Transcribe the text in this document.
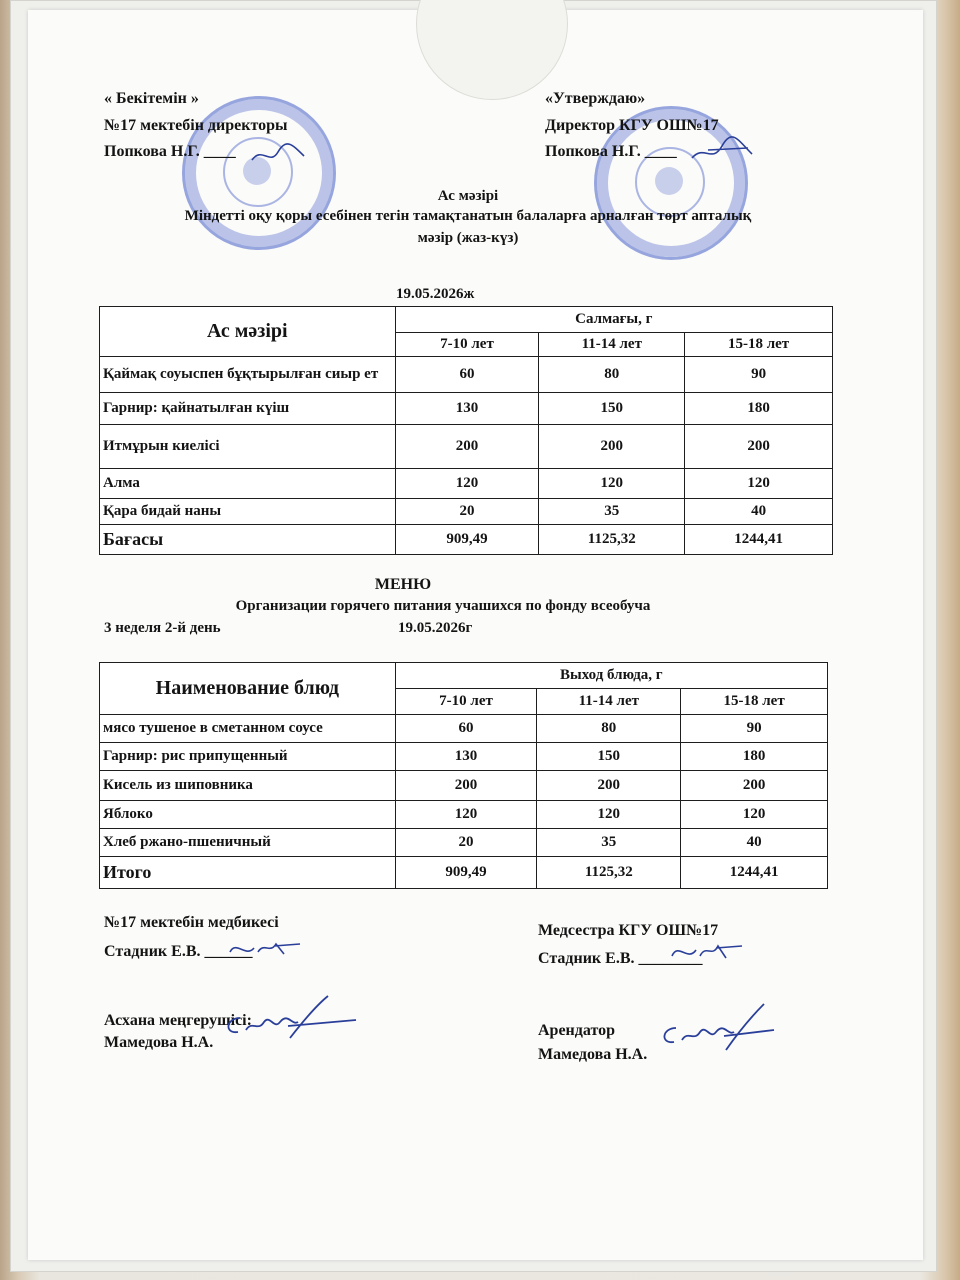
« Бекітемін »
№17 мектебiн директоры
Попкова Н.Г. ____
«Утверждаю»
Директор КГУ ОШ№17
Попкова Н.Г. ____
Ас мәзірі
Міндетті оқу қоры есебінен тегін тамақтанатын балаларға арналған төрт апталық
мәзір (жаз-күз)
19.05.2026ж
Ас мәзірі	Салмағы, г		
	7-10 лет	11-14 лет	15-18 лет
Қаймақ соуыспен бұқтырылған сиыр ет	60	80	90
Гарнир: қайнатылған күіш	130	150	180
Итмұрын киелісі	200	200	200
Алма	120	120	120
Қара бидай наны	20	35	40
Бағасы	909,49	1125,32	1244,41
МЕНЮ
Организации горячего питания учашихся по фонду всеобуча
3 неделя 2-й день	19.05.2026г
Наименование блюд	Выход блюда, г		
	7-10 лет	11-14 лет	15-18 лет
мясо тушеное в сметанном соусе	60	80	90
Гарнир: рис припущенный	130	150	180
Кисель из шиповника	200	200	200
Яблоко	120	120	120
Хлеб ржано-пшеничный	20	35	40
Итого	909,49	1125,32	1244,41
№17 мектебiн медбикесi
Стадник Е.В. ______
Медсестра КГУ ОШ№17
Стадник Е.В. ________
Асхана меңгерушісі:
Мамедова Н.А.
Арендатор
Мамедова Н.А.
